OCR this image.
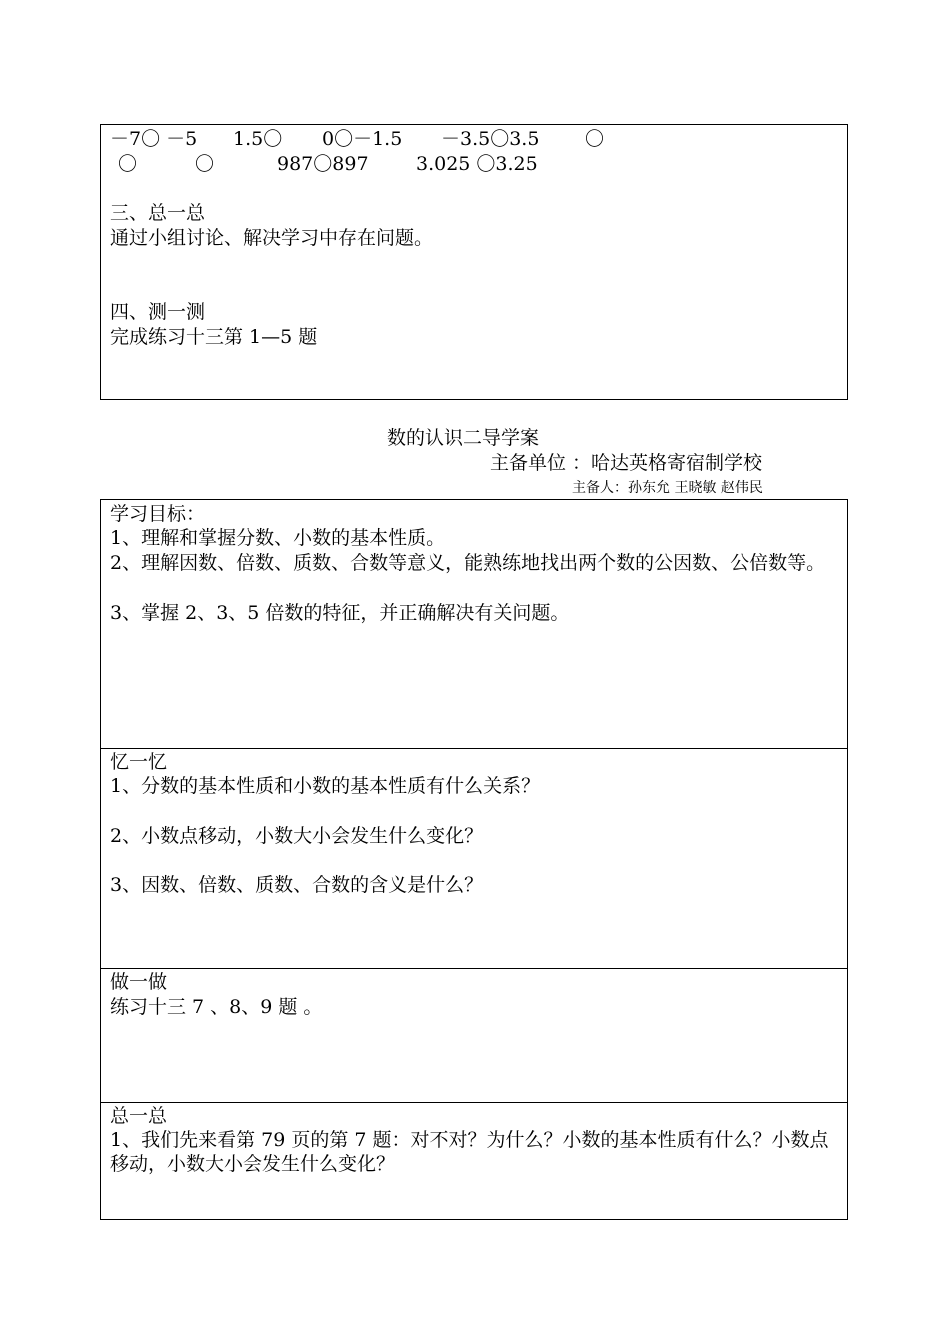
－7〇 －5 1.5〇 0〇－1.5 －3.5〇3.5 〇
〇	〇	987〇897 3.025 〇3.25
三、总一总
通过小组讨论、解决学习中存在问题。
四、测一测
完成练习十三第 1—5 题
数的认识二导学案
主备单位 ：哈达英格寄宿制学校
主备人：孙东允 王晓敏 赵伟民
学习目标：
1、理解和掌握分数、小数的基本性质。
2、理解因数、倍数、质数、合数等意义，能熟练地找出两个数的公因数、公倍数等。
3、掌握 2、3、5 倍数的特征，并正确解决有关问题。
忆一忆
1、分数的基本性质和小数的基本性质有什么关系？
2、小数点移动，小数大小会发生什么变化？
3、因数、倍数、质数、合数的含义是什么？
做一做
练习十三 7 、8、9 题 。
总一总
1、我们先来看第 79 页的第 7 题：对不对？为什么？小数的基本性质有什么？小数点移动，小数大小会发生什么变化？
